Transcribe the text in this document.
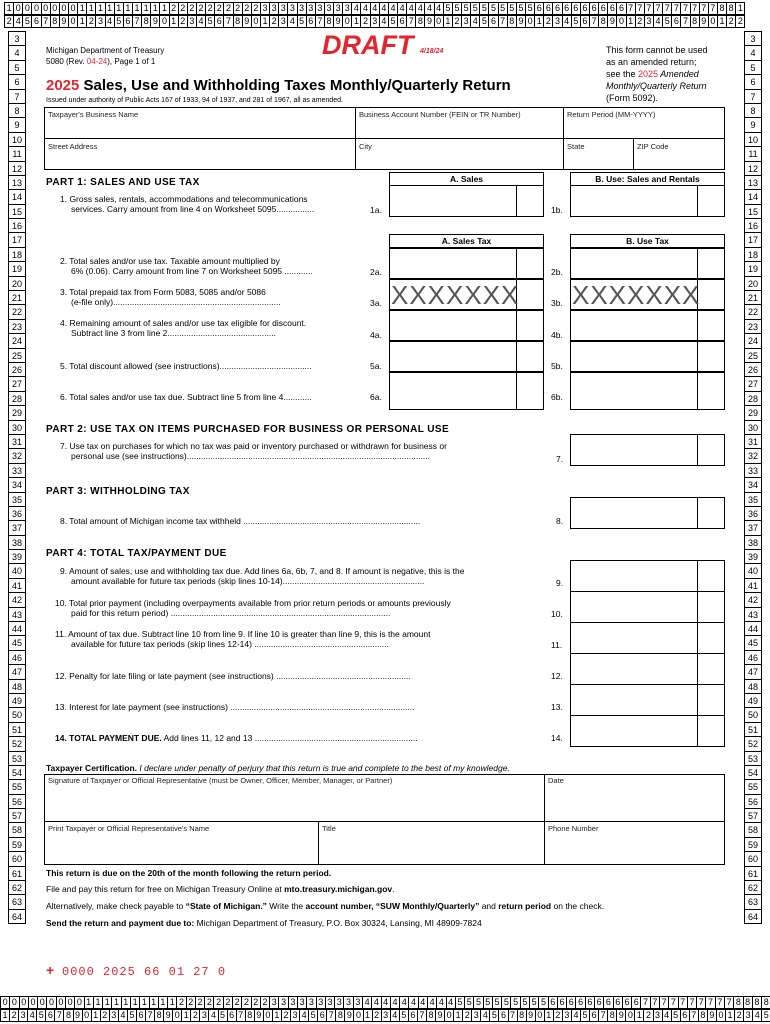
1 0 0 0 0 0 0 0 1 1 1 1 1 1 1 1 1 1 2 2 2 2 2 2 2 2 2 2 3 3 3 3 3 3 3 3 3 3 4 4 4 4 4 4 4 4 4 4 5 5 5 5 5 5 5 5 5 5 6 6 6 6 6 6 6 6 6 6 7 7 7 7 7 7 7 7 7 7 8 8 1
2 4 5 6 7 8 9 0 1 2 3 4 5 6 7 8 9 0 1 2 3 4 5 6 7 8 9 0 1 2 3 4 5 6 7 8 9 0 1 2 3 4 5 6 7 8 9 0 1 2 3 4 5 6 7 8 9 0 1 2 3 4 5 6 7 8 9 0 1 2 3 4 5 6 7 8 9 0 1 2 2
3
4
5
6
7
8
9
10
11
12
13
14
15
16
17
18
19
20
21
22
23
24
25
26
27
28
29
30
31
32
33
34
35
36
37
38
39
40
41
42
43
44
45
46
47
48
49
50
51
52
53
54
55
56
57
58
59
60
61
62
63
64
3
4
5
6
7
8
9
10
11
12
13
14
15
16
17
18
19
20
21
22
23
24
25
26
27
28
29
30
31
32
33
34
35
36
37
38
39
40
41
42
43
44
45
46
47
48
49
50
51
52
53
54
55
56
57
58
59
60
61
62
63
64
0 0 0 0 0 0 0 0 0 1 1 1 1 1 1 1 1 1 1 2 2 2 2 2 2 2 2 2 2 3 3 3 3 3 3 3 3 3 3 4 4 4 4 4 4 4 4 4 4 5 5 5 5 5 5 5 5 5 5 6 6 6 6 6 6 6 6 6 6 7 7 7 7 7 7 7 7 7 7 8 8 8 8
1 2 3 4 5 6 7 8 9 0 1 2 3 4 5 6 7 8 9 0 1 2 3 4 5 6 7 8 9 0 1 2 3 4 5 6 7 8 9 0 1 2 3 4 5 6 7 8 9 0 1 2 3 4 5 6 7 8 9 0 1 2 3 4 5 6 7 8 9 0 1 2 3 4 5 6 7 8 9 0 1 2 3 4 5
Michigan Department of Treasury
5080 (Rev. 04-24), Page 1 of 1
DRAFT 4/18/24	This form cannot be used
as an amended return;
see the 2025 Amended
Monthly/Quarterly Return
(Form 5092).
2025 Sales, Use and Withholding Taxes Monthly/Quarterly Return
Issued under authority of Public Acts 167 of 1933, 94 of 1937, and 281 of 1967, all as amended.
Taxpayer's Business Name	Business Account Number (FEIN or TR Number)	Return Period (MM-YYYY)
Street Address	City	State	ZIP Code
PART 1: SALES AND USE TAX	A. Sales	B. Use: Sales and Rentals
1. Gross sales, rentals, accommodations and telecommunications
services. Carry amount from line 4 on Worksheet 5095................	1a.	1b.
A. Sales Tax	B. Use Tax
2. Total sales and/or use tax. Taxable amount multiplied by
6% (0.06). Carry amount from line 7 on Worksheet 5095 ............	2a.	2b.
3. Total prepaid tax from Form 5083, 5085 and/or 5086
(e-file only).......................................................................	3a.	3b.
XXXXXXX XXXXXXX
4. Remaining amount of sales and/or use tax eligible for discount.
Subtract line 3 from line 2..............................................	4a.	4b.
5. Total discount allowed (see instructions).......................................	5a.	5b.
6. Total sales and/or use tax due. Subtract line 5 from line 4............	6a.	6b.
PART 2: USE TAX ON ITEMS PURCHASED FOR BUSINESS OR PERSONAL USE
7. Use tax on purchases for which no tax was paid or inventory purchased or withdrawn for business or
personal use (see instructions).......................................................................................................	7.
PART 3: WITHHOLDING TAX
8. Total amount of Michigan income tax withheld ...........................................................................	8.
PART 4: TOTAL TAX/PAYMENT DUE
9. Amount of sales, use and withholding tax due. Add lines 6a, 6b, 7, and 8. If amount is negative, this is the
amount available for future tax periods (skip lines 10-14)............................................................	9.
10. Total prior payment (including overpayments available from prior return periods or amounts previously
paid for this return period) .............................................................................................	10.
11. Amount of tax due. Subtract line 10 from line 9. If line 10 is greater than line 9, this is the amount
available for future tax periods (skip lines 12-14) .........................................................	11.
12. Penalty for late filing or late payment (see instructions) .........................................................	12.
13. Interest for late payment (see instructions) ..............................................................................	13.
14. TOTAL PAYMENT DUE. Add lines 11, 12 and 13 .....................................................................	14.
Taxpayer Certification. I declare under penalty of perjury that this return is true and complete to the best of my knowledge.
Signature of Taxpayer or Official Representative (must be Owner, Officer, Member, Manager, or Partner)	Date
Print Taxpayer or Official Representative's Name	Title	Phone Number
This return is due on the 20th of the month following the return period.
File and pay this return for free on Michigan Treasury Online at mto.treasury.michigan.gov.
Alternatively, make check payable to “State of Michigan.” Write the account number, “SUW Monthly/Quarterly” and return period on the check.
Send the return and payment due to: Michigan Department of Treasury, P.O. Box 30324, Lansing, MI 48909-7824
+ 0000 2025 66 01 27 0
